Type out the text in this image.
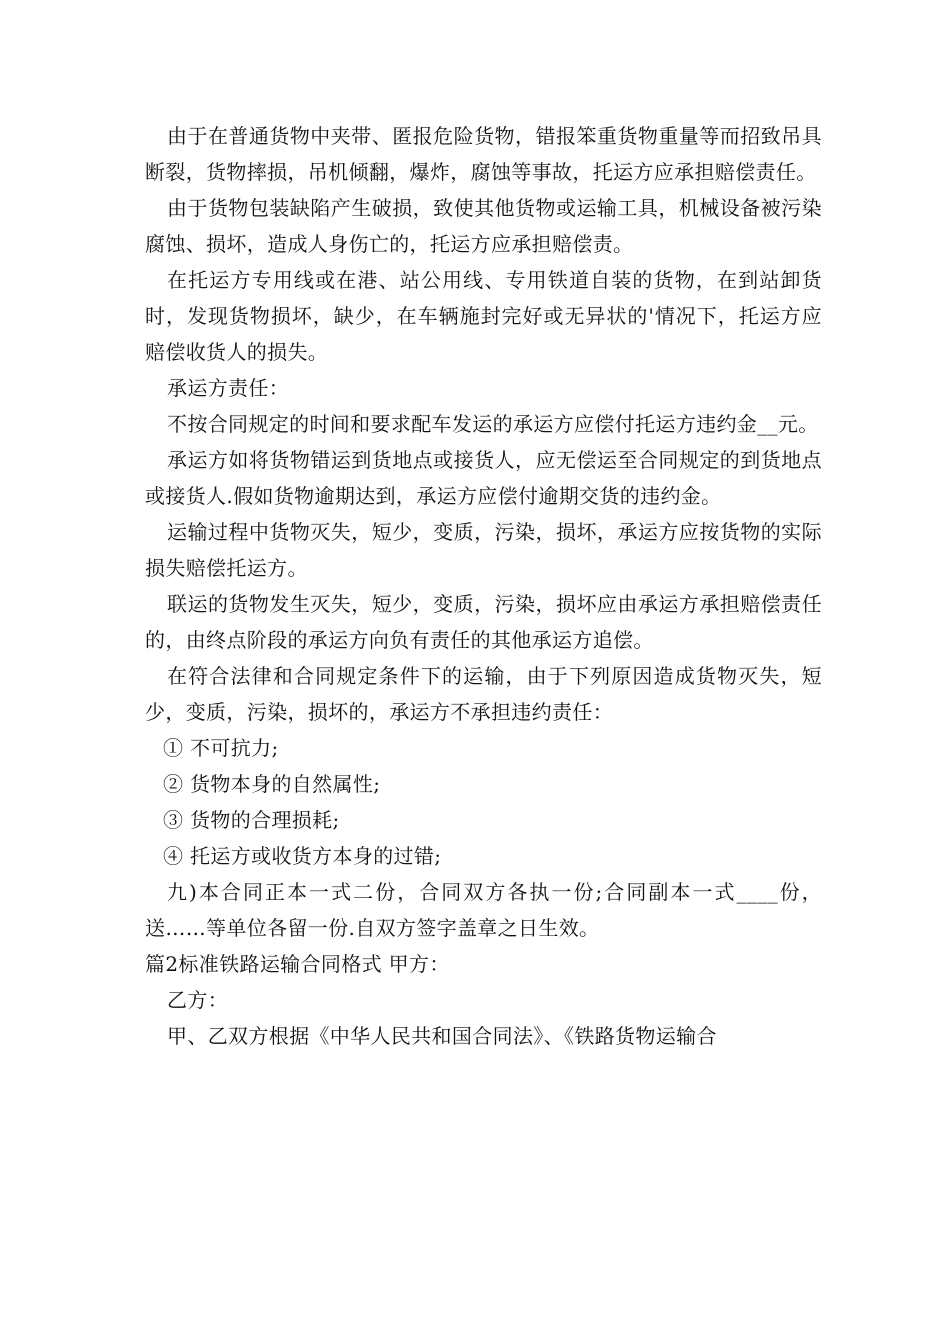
由于在普通货物中夹带、匿报危险货物，错报笨重货物重量等而招致吊具断裂，货物摔损，吊机倾翻，爆炸，腐蚀等事故，托运方应承担赔偿责任。

由于货物包装缺陷产生破损，致使其他货物或运输工具，机械设备被污染腐蚀、损坏，造成人身伤亡的，托运方应承担赔偿责。

在托运方专用线或在港、站公用线、专用铁道自装的货物，在到站卸货时，发现货物损坏，缺少，在车辆施封完好或无异状的'情况下，托运方应赔偿收货人的损失。

承运方责任：

不按合同规定的时间和要求配车发运的承运方应偿付托运方违约金__元。

承运方如将货物错运到货地点或接货人，应无偿运至合同规定的到货地点或接货人.假如货物逾期达到，承运方应偿付逾期交货的违约金。

运输过程中货物灭失，短少，变质，污染，损坏，承运方应按货物的实际损失赔偿托运方。

联运的货物发生灭失，短少，变质，污染，损坏应由承运方承担赔偿责任的，由终点阶段的承运方向负有责任的其他承运方追偿。

在符合法律和合同规定条件下的运输，由于下列原因造成货物灭失，短少，变质，污染，损坏的，承运方不承担违约责任：

① 不可抗力;

② 货物本身的自然属性;

③ 货物的合理损耗;

④ 托运方或收货方本身的过错;

九)本合同正本一式二份，合同双方各执一份;合同副本一式____份，送……等单位各留一份.自双方签字盖章之日生效。

篇2标准铁路运输合同格式 甲方：

乙方：

甲、乙双方根据《中华人民共和国合同法》、《铁路货物运输合
